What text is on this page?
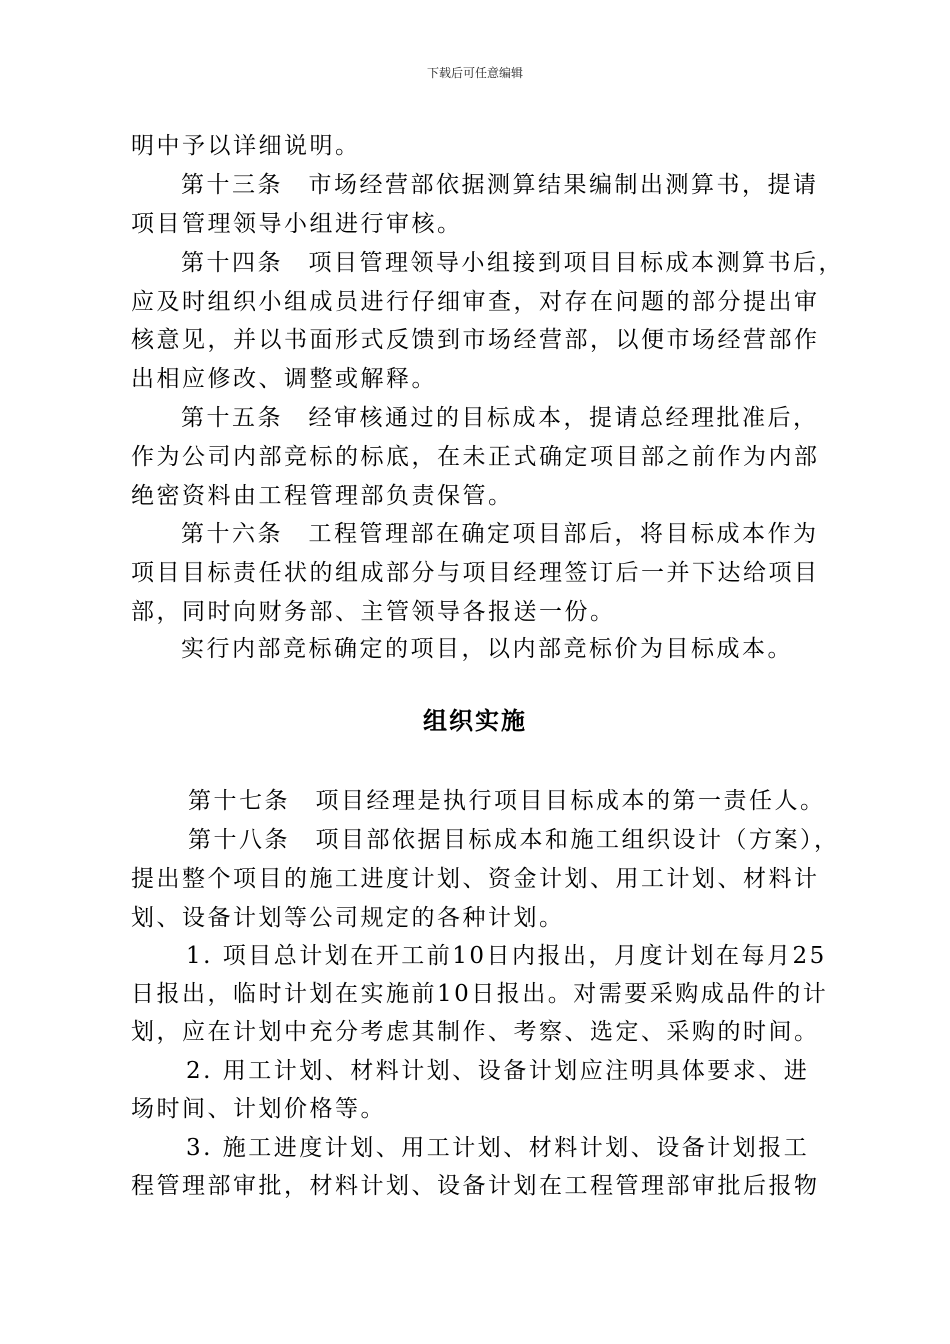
下载后可任意编辑
明中予以详细说明。
第十三条　市场经营部依据测算结果编制出测算书，提请
项目管理领导小组进行审核。
第十四条　项目管理领导小组接到项目目标成本测算书后，
应及时组织小组成员进行仔细审查，对存在问题的部分提出审
核意见，并以书面形式反馈到市场经营部，以便市场经营部作
出相应修改、调整或解释。
第十五条　经审核通过的目标成本，提请总经理批准后，
作为公司内部竞标的标底，在未正式确定项目部之前作为内部
绝密资料由工程管理部负责保管。
第十六条　工程管理部在确定项目部后，将目标成本作为
项目目标责任状的组成部分与项目经理签订后一并下达给项目
部，同时向财务部、主管领导各报送一份。
实行内部竞标确定的项目，以内部竞标价为目标成本。
组织实施
第十七条　项目经理是执行项目目标成本的第一责任人。
第十八条　项目部依据目标成本和施工组织设计（方案），
提出整个项目的施工进度计划、资金计划、用工计划、材料计
划、设备计划等公司规定的各种计划。
1. 项目总计划在开工前10日内报出，月度计划在每月25
日报出，临时计划在实施前10日报出。对需要采购成品件的计
划，应在计划中充分考虑其制作、考察、选定、采购的时间。
2. 用工计划、材料计划、设备计划应注明具体要求、进
场时间、计划价格等。
3. 施工进度计划、用工计划、材料计划、设备计划报工
程管理部审批，材料计划、设备计划在工程管理部审批后报物
